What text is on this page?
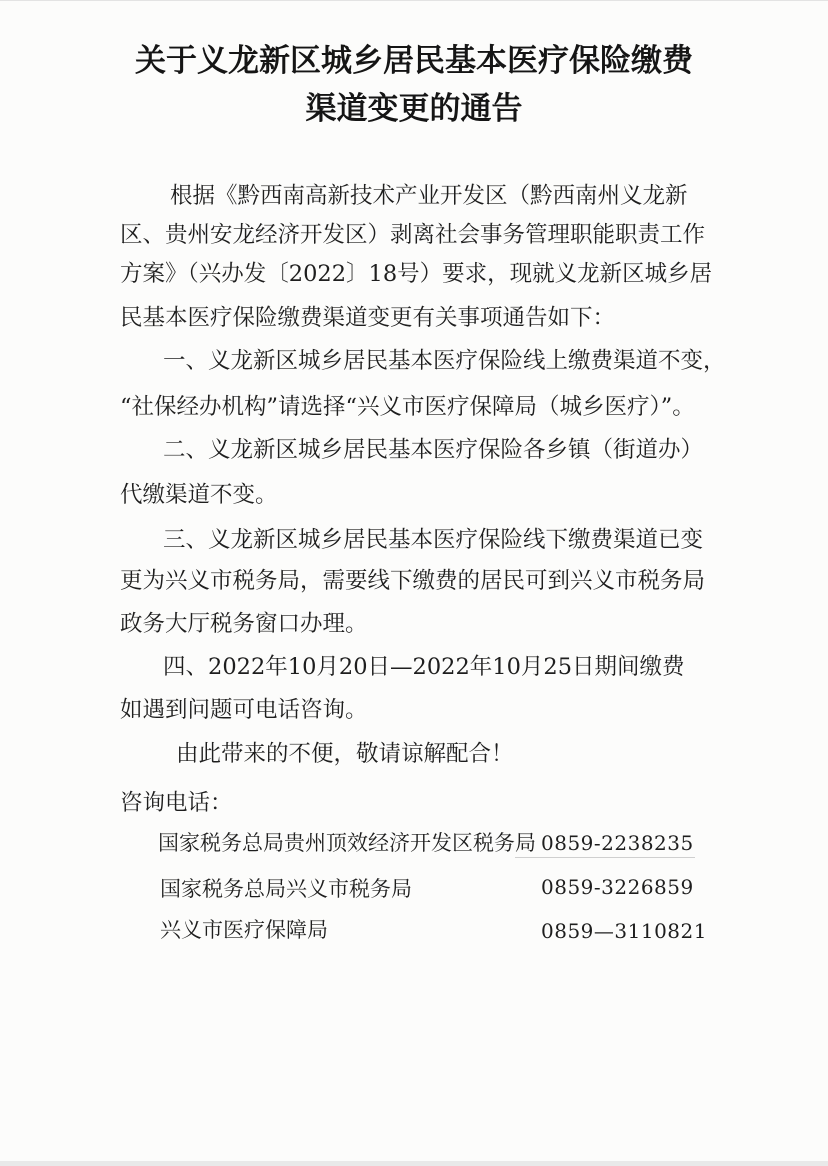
关于义龙新区城乡居民基本医疗保险缴费
渠道变更的通告
根据《黔西南高新技术产业开发区（黔西南州义龙新
区、贵州安龙经济开发区）剥离社会事务管理职能职责工作
方案》（兴办发〔2022〕18号）要求，现就义龙新区城乡居
民基本医疗保险缴费渠道变更有关事项通告如下：
一、义龙新区城乡居民基本医疗保险线上缴费渠道不变，
“社保经办机构”请选择“兴义市医疗保障局（城乡医疗）”。
二、义龙新区城乡居民基本医疗保险各乡镇（街道办）
代缴渠道不变。
三、义龙新区城乡居民基本医疗保险线下缴费渠道已变
更为兴义市税务局，需要线下缴费的居民可到兴义市税务局
政务大厅税务窗口办理。
四、2022年10月20日—2022年10月25日期间缴费
如遇到问题可电话咨询。
由此带来的不便，敬请谅解配合！
咨询电话：
国家税务总局贵州顶效经济开发区税务局 0859-2238235
国家税务总局兴义市税务局	0859-3226859
兴义市医疗保障局	0859—3110821
